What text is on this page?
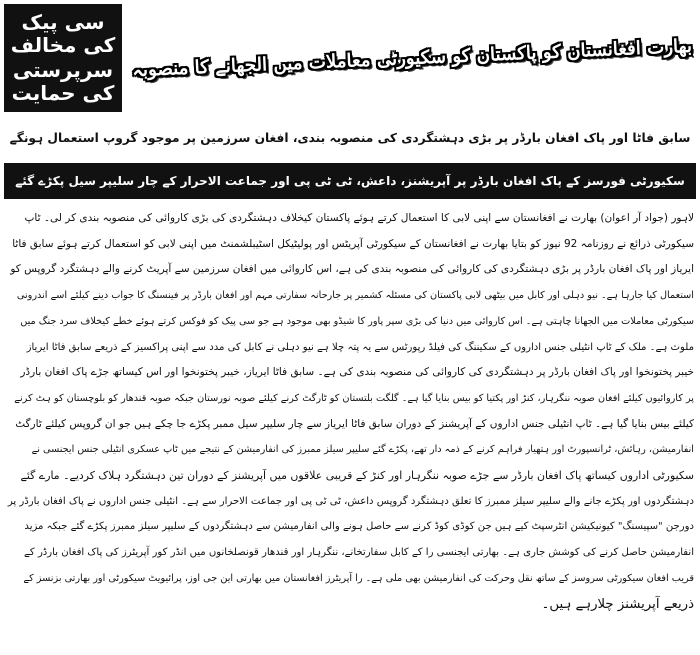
سی پیک کی مخالف
سرپرستی کی حمایت
بھارت افغانستان کو پاکستان کو سکیورٹی معاملات میں الجھانے کا منصوبہ
سابق فاٹا اور پاک افغان بارڈر پر بڑی دہشتگردی کی منصوبہ بندی، افغان سرزمین پر موجود گروپ استعمال ہونگے
سکیورٹی فورسز کے پاک افغان بارڈر پر آپریشنز، داعش، ٹی ٹی پی اور جماعت الاحرار کے چار سلیپر سیل پکڑے گئے
لاہور (جواد آر اعوان) بھارت نے افغانستان سے اپنی لابی کا استعمال کرتے ہوئے پاکستان کیخلاف دہشتگردی کی بڑی کاروائی کی منصوبہ بندی کر لی۔ ٹاپ
سیکورٹی ذرائع نے روزنامہ 92 نیوز کو بتایا بھارت نے افغانستان کے سیکورٹی آپریٹس اور پولیٹیکل اسٹیبلشمنٹ میں اپنی لابی کو استعمال کرتے ہوئے سابق فاٹا
ایریاز اور پاک افغان بارڈر پر بڑی دہشتگردی کی کاروائی کی منصوبہ بندی کی ہے، اس کاروائی میں افغان سرزمین سے آپریٹ کرنے والے دہشتگرد گروپس کو
استعمال کیا جارہا ہے۔ نیو دہلی اور کابل میں بیٹھی لابی پاکستان کی مسئلہ کشمیر پر جارحانہ سفارتی مہم اور افغان بارڈر پر فینسنگ کا جواب دینے کیلئے اسے اندرونی
سیکورٹی معاملات میں الجھانا چاہتی ہے۔ اس کاروائی میں دنیا کی بڑی سپر پاور کا شیڈو بھی موجود ہے جو سی پیک کو فوکس کرتے ہوئے خطے کیخلاف سرد جنگ میں
ملوث ہے۔ ملک کے ٹاپ انٹیلی جنس اداروں کے سکیننگ کی فیلڈ رپورٹس سے یہ پتہ چلا ہے نیو دہلی نے کابل کی مدد سے اپنی پراکسیز کے ذریعے سابق فاٹا ایریاز
خیبر پختونخوا اور پاک افغان بارڈر پر دہشتگردی کی کاروائی کی منصوبہ بندی کی ہے۔ سابق فاٹا ایریاز، خیبر پختونخوا اور اس کیساتھ جڑے پاک افغان بارڈر
پر کاروائیوں کیلئے افغان صوبہ ننگرہار، کنڑ اور پکتیا کو بیس بنایا گیا ہے۔ گلگت بلتستان کو ٹارگٹ کرنے کیلئے صوبہ نورستان جبکہ صوبہ قندھار کو بلوچستان کو ہٹ کرنے
کیلئے بیس بنایا گیا ہے۔ ٹاپ انٹیلی جنس اداروں کے آپریشنز کے دوران سابق فاٹا ایریاز سے چار سلیپر سیل ممبر پکڑے جا چکے ہیں جو ان گروپس کیلئے ٹارگٹ
انفارمیشن، رہائش، ٹرانسپورٹ اور ہتھیار فراہم کرنے کے ذمہ دار تھے، پکڑے گئے سلیپر سیلز ممبرز کی انفارمیشن کے نتیجے میں ٹاپ عسکری انٹیلی جنس ایجنسی نے
سکیورٹی اداروں کیساتھ پاک افغان بارڈر سے جڑے صوبہ ننگرہار اور کنڑ کے قریبی علاقوں میں آپریشنز کے دوران تین دہشتگرد ہلاک کردیے۔ مارے گئے
دہشتگردوں اور پکڑے جانے والے سلیپر سیلز ممبرز کا تعلق دہشتگرد گروپس داعش، ٹی ٹی پی اور جماعت الاحرار سے ہے۔ انٹیلی جنس اداروں نے پاک افغان بارڈر پر
دورجن "سپیسنگ" کیونیکیشن انٹرسپٹ کیے ہیں جن کوڈی کوڈ کرنے سے حاصل ہونے والی انفارمیشن سے دہشتگردوں کے سلیپر سیلز ممبرز پکڑے گئے جبکہ مزید
انفارمیشن حاصل کرنے کی کوشش جاری ہے۔ بھارتی ایجنسی را کے کابل سفارتخانے، ننگرہار اور قندھار قونصلخانوں میں انڈر کور آپریٹرز کی پاک افغان بارڈر کے
قریب افغان سیکورٹی سروسز کے ساتھ نقل وحرکت کی انفارمیشن بھی ملی ہے۔ را آپریٹرز افغانستان میں بھارتی این جی اوز، پرائیویٹ سیکورٹی اور بھارتی بزنسز کے
ذریعے آپریشنز چلارہے ہیں۔
